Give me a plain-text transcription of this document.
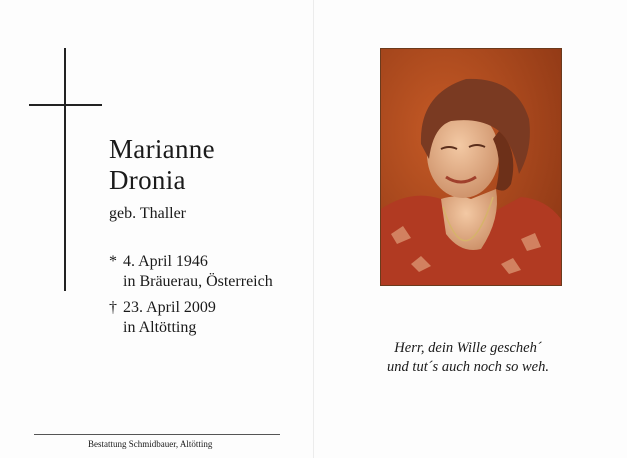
Marianne
Dronia
geb. Thaller
* 4. April 1946
in Bräuerau, Österreich
† 23. April 2009
in Altötting
Bestattung Schmidbauer, Altötting
Herr, dein Wille gescheh´
und tut´s auch noch so weh.
